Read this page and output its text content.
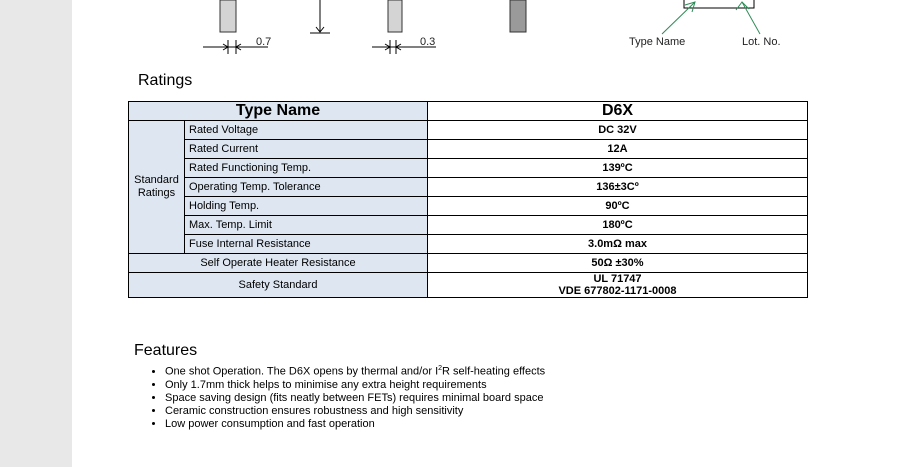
0.7	0.3	Type Name	Lot. No.
Ratings
Type Name		D6X
Standard
Ratings	Rated Voltage	DC 32V
	Rated Current	12A
	Rated Functioning Temp.	139ºC
	Operating Temp. Tolerance	136±3Cº
	Holding Temp.	90ºC
	Max. Temp. Limit	180ºC
	Fuse Internal Resistance	3.0mΩ max
Self Operate Heater Resistance		50Ω ±30%
Safety Standard		UL 71747
VDE 677802-1171-0008
Features
• One shot Operation. The D6X opens by thermal and/or $I^2R$ self-heating effects
• Only 1.7mm thick helps to minimise any extra height requirements
• Space saving design (fits neatly between FETs) requires minimal board space
• Ceramic construction ensures robustness and high sensitivity
• Low power consumption and fast operation
